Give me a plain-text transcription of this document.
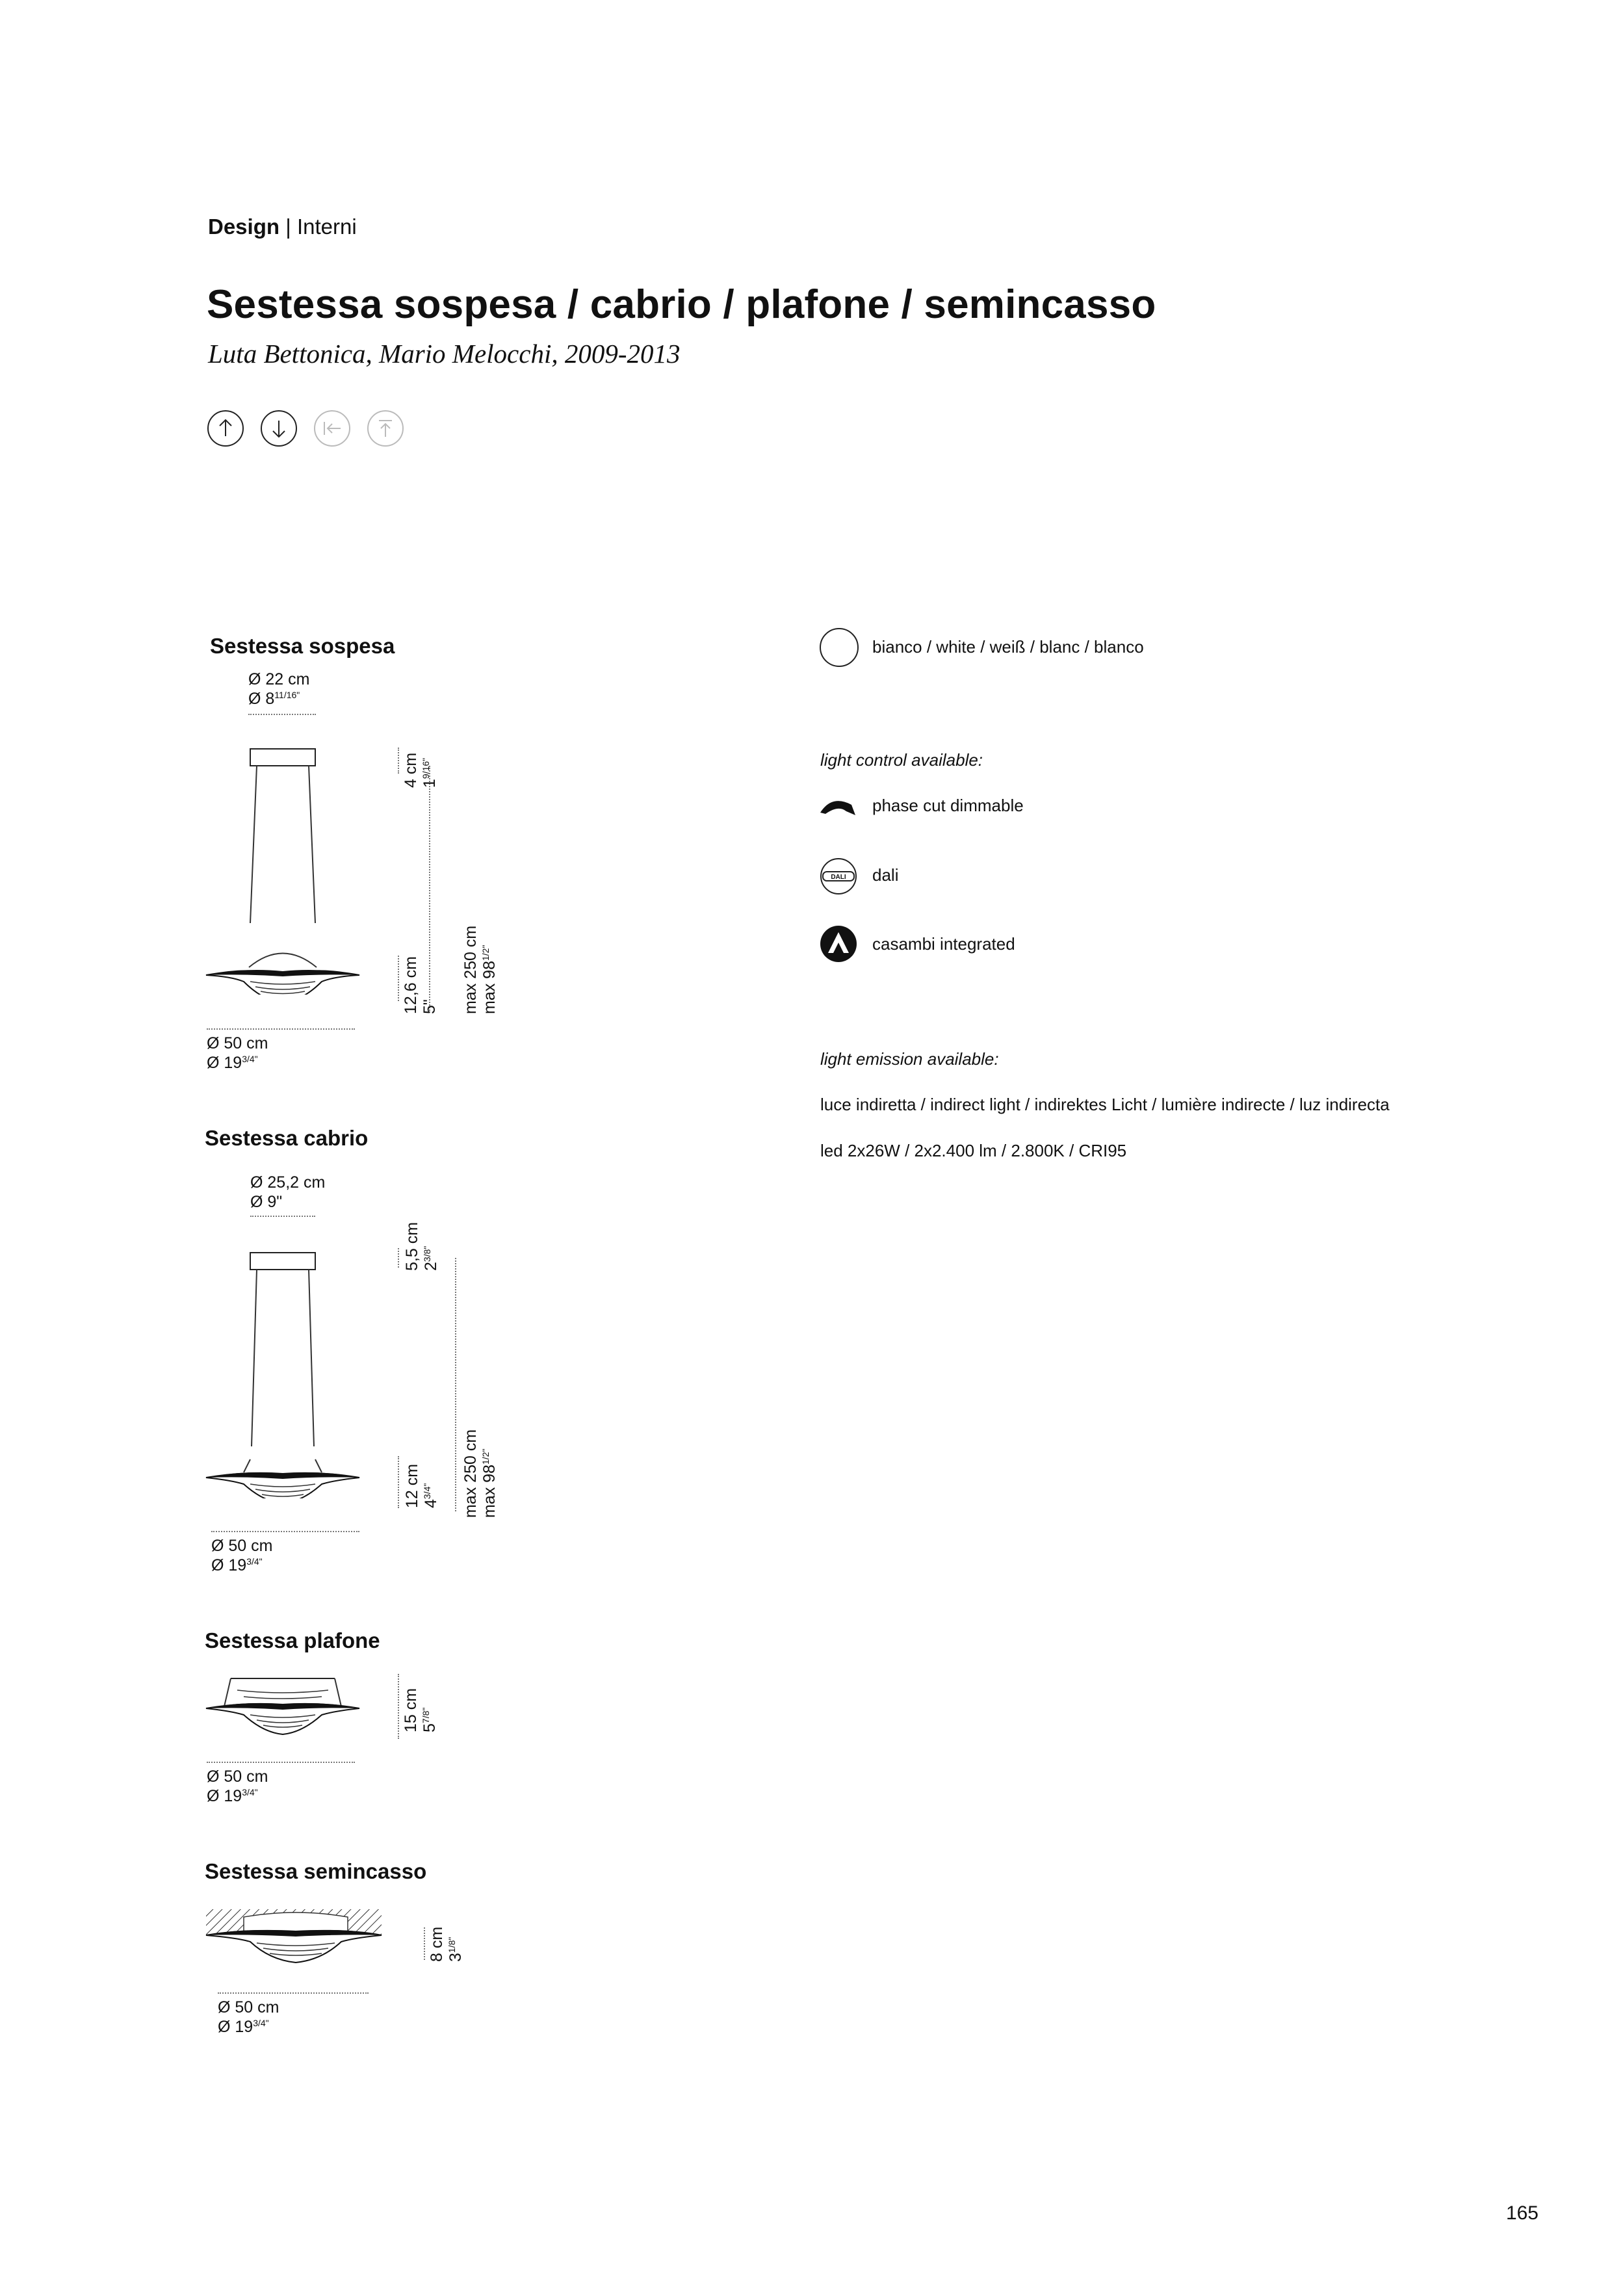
Design | Interni
Sestessa sospesa / cabrio / plafone / semincasso
Luta Bettonica, Mario Melocchi, 2009-2013
Sestessa sospesa
Ø 22 cm
Ø $8^{11/16"}$
4 cm $1^{9/16"}$
12,6 cm 5" max 250 cm $\max 98^{1/2"}$
Ø 50 cm
Ø $19^{3/4"}$
Sestessa cabrio
Ø 25,2 cm
Ø 9"
5,5 cm $2^{3/8"}$
12 cm $4^{3/4"}$	max 250 cm $\max 98^{1/2"}$
Ø 50 cm
Ø $19^{3/4"}$
Sestessa plafone
15 cm $5^{7/8"}$
Ø 50 cm
Ø $19^{3/4"}$
Sestessa semincasso
8 cm $3^{1/8"}$
Ø 50 cm
Ø $19^{3/4"}$
bianco / white / weiß / blanc / blanco
light control available:
phase cut dimmable
DALI dali
casambi integrated
light emission available:
luce indiretta / indirect light / indirektes Licht / lumière indirecte / luz indirecta
led 2x26W / 2x2.400 lm / 2.800K / CRI95
165
